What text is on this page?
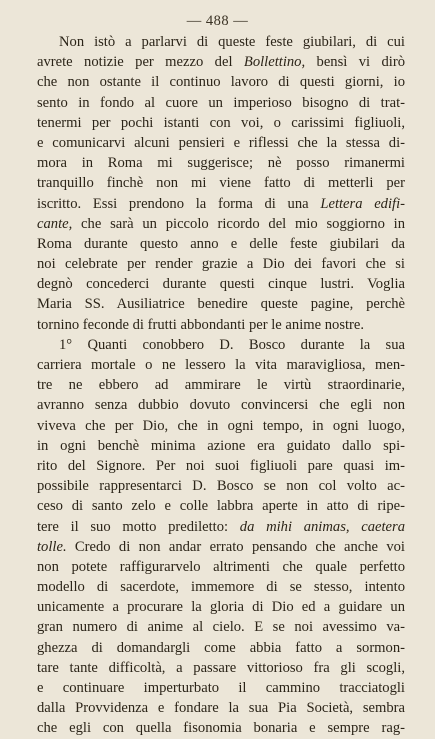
— 488 —
Non istò a parlarvi di queste feste giubilari, di cui
avrete notizie per mezzo del Bollettino, bensì vi dirò
che non ostante il continuo lavoro di questi giorni, io
sento in fondo al cuore un imperioso bisogno di trat-
tenermi per pochi istanti con voi, o carissimi figliuoli,
e comunicarvi alcuni pensieri e riflessi che la stessa di-
mora in Roma mi suggerisce; nè posso rimanermi
tranquillo finchè non mi viene fatto di metterli per
iscritto. Essi prendono la forma di una Lettera edifi-
cante, che sarà un piccolo ricordo del mio soggiorno in
Roma durante questo anno e delle feste giubilari da
noi celebrate per render grazie a Dio dei favori che si
degnò concederci durante questi cinque lustri. Voglia
Maria SS. Ausiliatrice benedire queste pagine, perchè
tornino feconde di frutti abbondanti per le anime nostre.
1° Quanti conobbero D. Bosco durante la sua
carriera mortale o ne lessero la vita maravigliosa, men-
tre ne ebbero ad ammirare le virtù straordinarie,
avranno senza dubbio dovuto convincersi che egli non
viveva che per Dio, che in ogni tempo, in ogni luogo,
in ogni benchè minima azione era guidato dallo spi-
rito del Signore. Per noi suoi figliuoli pare quasi im-
possibile rappresentarci D. Bosco se non col volto ac-
ceso di santo zelo e colle labbra aperte in atto di ripe-
tere il suo motto prediletto: da mihi animas, caetera
tolle. Credo di non andar errato pensando che anche voi
non potete raffigurarvelo altrimenti che quale perfetto
modello di sacerdote, immemore di se stesso, intento
unicamente a procurare la gloria di Dio ed a guidare un
gran numero di anime al cielo. E se noi avessimo va-
ghezza di domandargli come abbia fatto a sormon-
tare tante difficoltà, a passare vittorioso fra gli scogli,
e continuare imperturbato il cammino tracciatogli
dalla Provvidenza e fondare la sua Pia Società, sembra
che egli con quella fisonomia bonaria e sempre rag-
